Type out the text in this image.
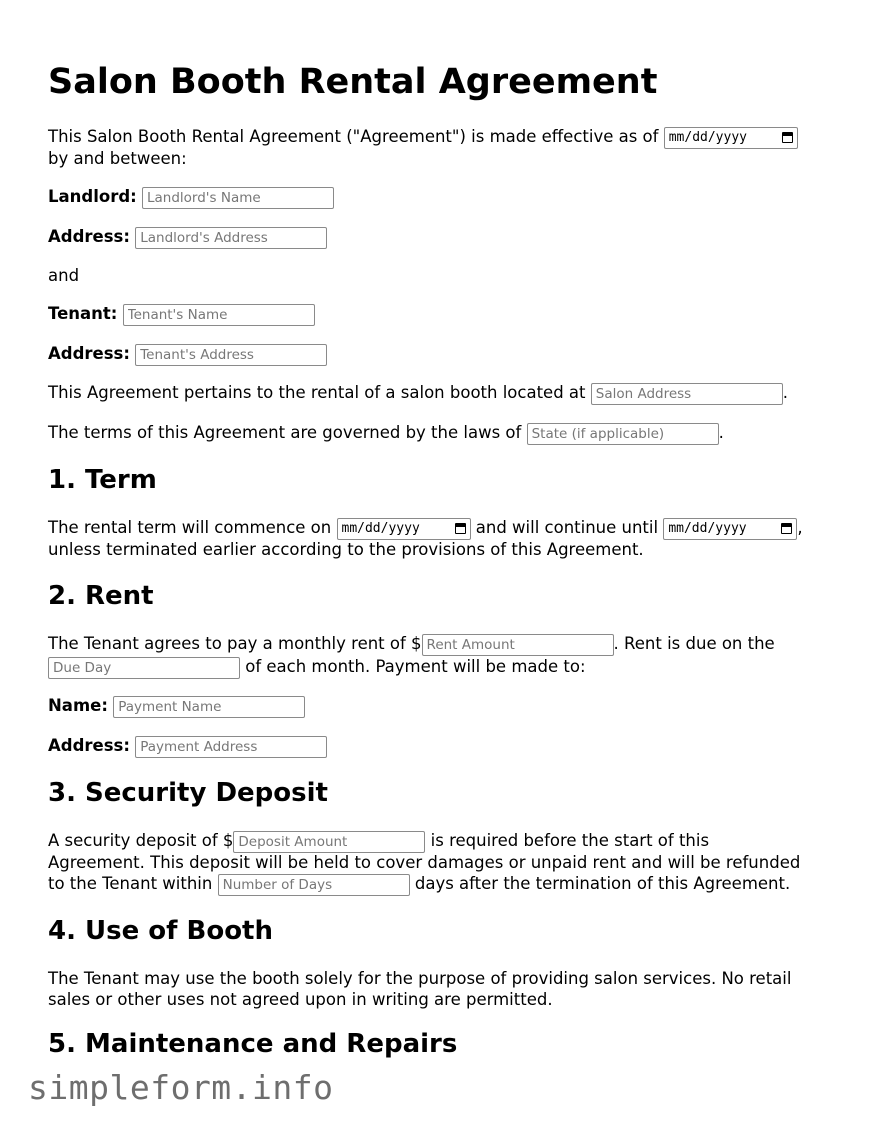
Salon Booth Rental Agreement
This Salon Booth Rental Agreement ("Agreement") is made effective as of mm/dd/yyyy
by and between:
Landlord: Landlord's Name
Address: Landlord's Address
and
Tenant: Tenant's Name
Address: Tenant's Address
This Agreement pertains to the rental of a salon booth located at Salon Address	.
The terms of this Agreement are governed by the laws of State (if applicable)	.
1. Term
The rental term will commence on mm/dd/yyyy	and will continue until mm/dd/yyyy	,
unless terminated earlier according to the provisions of this Agreement.
2. Rent
The Tenant agrees to pay a monthly rent of $Rent Amount	. Rent is due on the
Due Day of each month. Payment will be made to:
Name: Payment Name
Address: Payment Address
3. Security Deposit
A security deposit of $Deposit Amount	is required before the start of this
Agreement. This deposit will be held to cover damages or unpaid rent and will be refunded
to the Tenant within Number of Days	days after the termination of this Agreement.
4. Use of Booth
The Tenant may use the booth solely for the purpose of providing salon services. No retail sales or other uses not agreed upon in writing are permitted.
5. Maintenance and Repairs
simpleform.info
